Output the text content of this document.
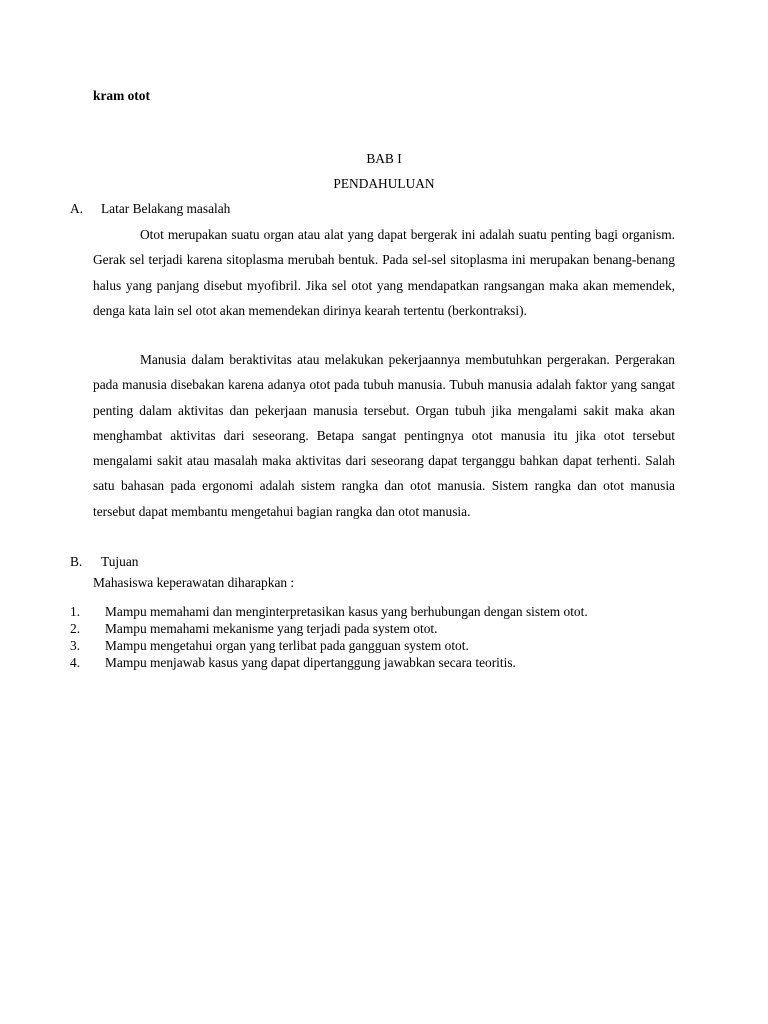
kram otot

BAB I
PENDAHULUAN
A. Latar Belakang masalah

Otot merupakan suatu organ atau alat yang dapat bergerak ini adalah suatu penting bagi organism. Gerak sel terjadi karena sitoplasma merubah bentuk. Pada sel-sel sitoplasma ini merupakan benang-benang halus yang panjang disebut myofibril. Jika sel otot yang mendapatkan rangsangan maka akan memendek, denga kata lain sel otot akan memendekan dirinya kearah tertentu (berkontraksi).

Manusia dalam beraktivitas atau melakukan pekerjaannya membutuhkan pergerakan. Pergerakan pada manusia disebakan karena adanya otot pada tubuh manusia. Tubuh manusia adalah faktor yang sangat penting dalam aktivitas dan pekerjaan manusia tersebut. Organ tubuh jika mengalami sakit maka akan menghambat aktivitas dari seseorang. Betapa sangat pentingnya otot manusia itu jika otot tersebut mengalami sakit atau masalah maka aktivitas dari seseorang dapat terganggu bahkan dapat terhenti. Salah satu bahasan pada ergonomi adalah sistem rangka dan otot manusia. Sistem rangka dan otot manusia tersebut dapat membantu mengetahui bagian rangka dan otot manusia.

B. Tujuan

Mahasiswa keperawatan diharapkan :

1. Mampu memahami dan menginterpretasikan kasus yang berhubungan dengan sistem otot.
2. Mampu memahami mekanisme yang terjadi pada system otot.
3. Mampu mengetahui organ yang terlibat pada gangguan system otot.
4. Mampu menjawab kasus yang dapat dipertanggung jawabkan secara teoritis.
